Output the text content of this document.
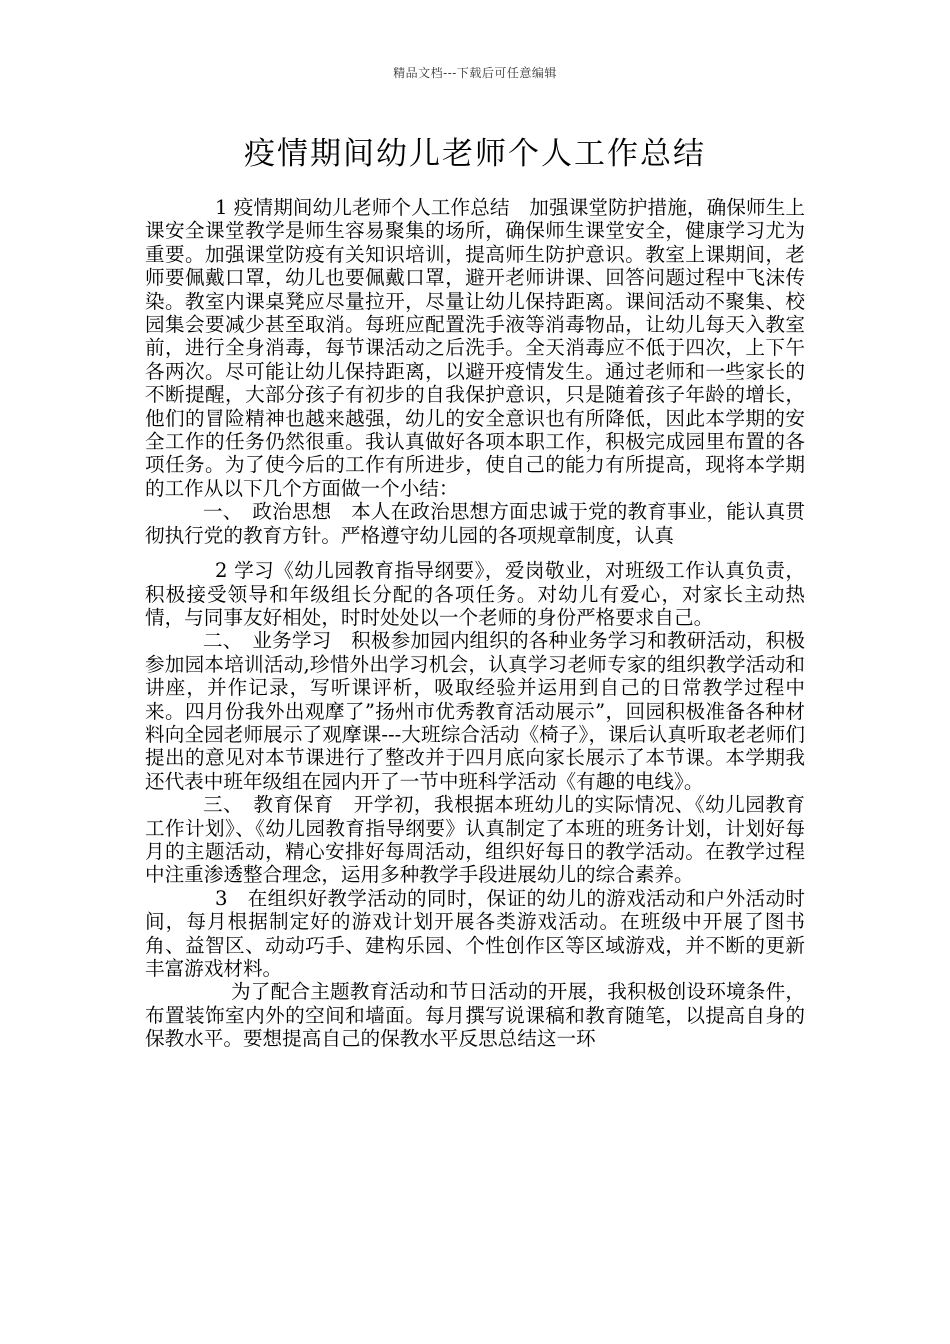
精品文档---下载后可任意编辑
疫情期间幼儿老师个人工作总结

1 疫情期间幼儿老师个人工作总结　加强课堂防护措施，确保师生上课安全课堂教学是师生容易聚集的场所，确保师生课堂安全，健康学习尤为重要。加强课堂防疫有关知识培训，提高师生防护意识。教室上课期间，老师要佩戴口罩，幼儿也要佩戴口罩，避开老师讲课、回答问题过程中飞沫传染。教室内课桌凳应尽量拉开，尽量让幼儿保持距离。课间活动不聚集、校园集会要减少甚至取消。每班应配置洗手液等消毒物品，让幼儿每天入教室前，进行全身消毒，每节课活动之后洗手。全天消毒应不低于四次，上下午各两次。尽可能让幼儿保持距离，以避开疫情发生。通过老师和一些家长的不断提醒，大部分孩子有初步的自我保护意识，只是随着孩子年龄的增长，他们的冒险精神也越来越强，幼儿的安全意识也有所降低，因此本学期的安全工作的任务仍然很重。我认真做好各项本职工作，积极完成园里布置的各项任务。为了使今后的工作有所进步，使自己的能力有所提高，现将本学期的工作从以下几个方面做一个小结：

一、　政治思想　本人在政治思想方面忠诚于党的教育事业，能认真贯彻执行党的教育方针。严格遵守幼儿园的各项规章制度，认真

2 学习《幼儿园教育指导纲要》，爱岗敬业，对班级工作认真负责，积极接受领导和年级组长分配的各项任务。对幼儿有爱心，对家长主动热情，与同事友好相处，时时处处以一个老师的身份严格要求自己。

二、　业务学习　积极参加园内组织的各种业务学习和教研活动，积极参加园本培训活动,珍惜外出学习机会，认真学习老师专家的组织教学活动和讲座，并作记录，写听课评析，吸取经验并运用到自己的日常教学过程中来。四月份我外出观摩了”扬州市优秀教育活动展示”，回园积极准备各种材料向全园老师展示了观摩课---大班综合活动《椅子》，课后认真听取老老师们提出的意见对本节课进行了整改并于四月底向家长展示了本节课。本学期我还代表中班年级组在园内开了一节中班科学活动《有趣的电线》。

三、　教育保育　开学初，我根据本班幼儿的实际情况、《幼儿园教育工作计划》、《幼儿园教育指导纲要》认真制定了本班的班务计划，计划好每月的主题活动，精心安排好每周活动，组织好每日的教学活动。在教学过程中注重渗透整合理念，运用多种教学手段进展幼儿的综合素养。

3　在组织好教学活动的同时，保证的幼儿的游戏活动和户外活动时间，每月根据制定好的游戏计划开展各类游戏活动。在班级中开展了图书角、益智区、动动巧手、建构乐园、个性创作区等区域游戏，并不断的更新丰富游戏材料。

为了配合主题教育活动和节日活动的开展，我积极创设环境条件，布置装饰室内外的空间和墙面。每月撰写说课稿和教育随笔，以提高自身的保教水平。要想提高自己的保教水平反思总结这一环
